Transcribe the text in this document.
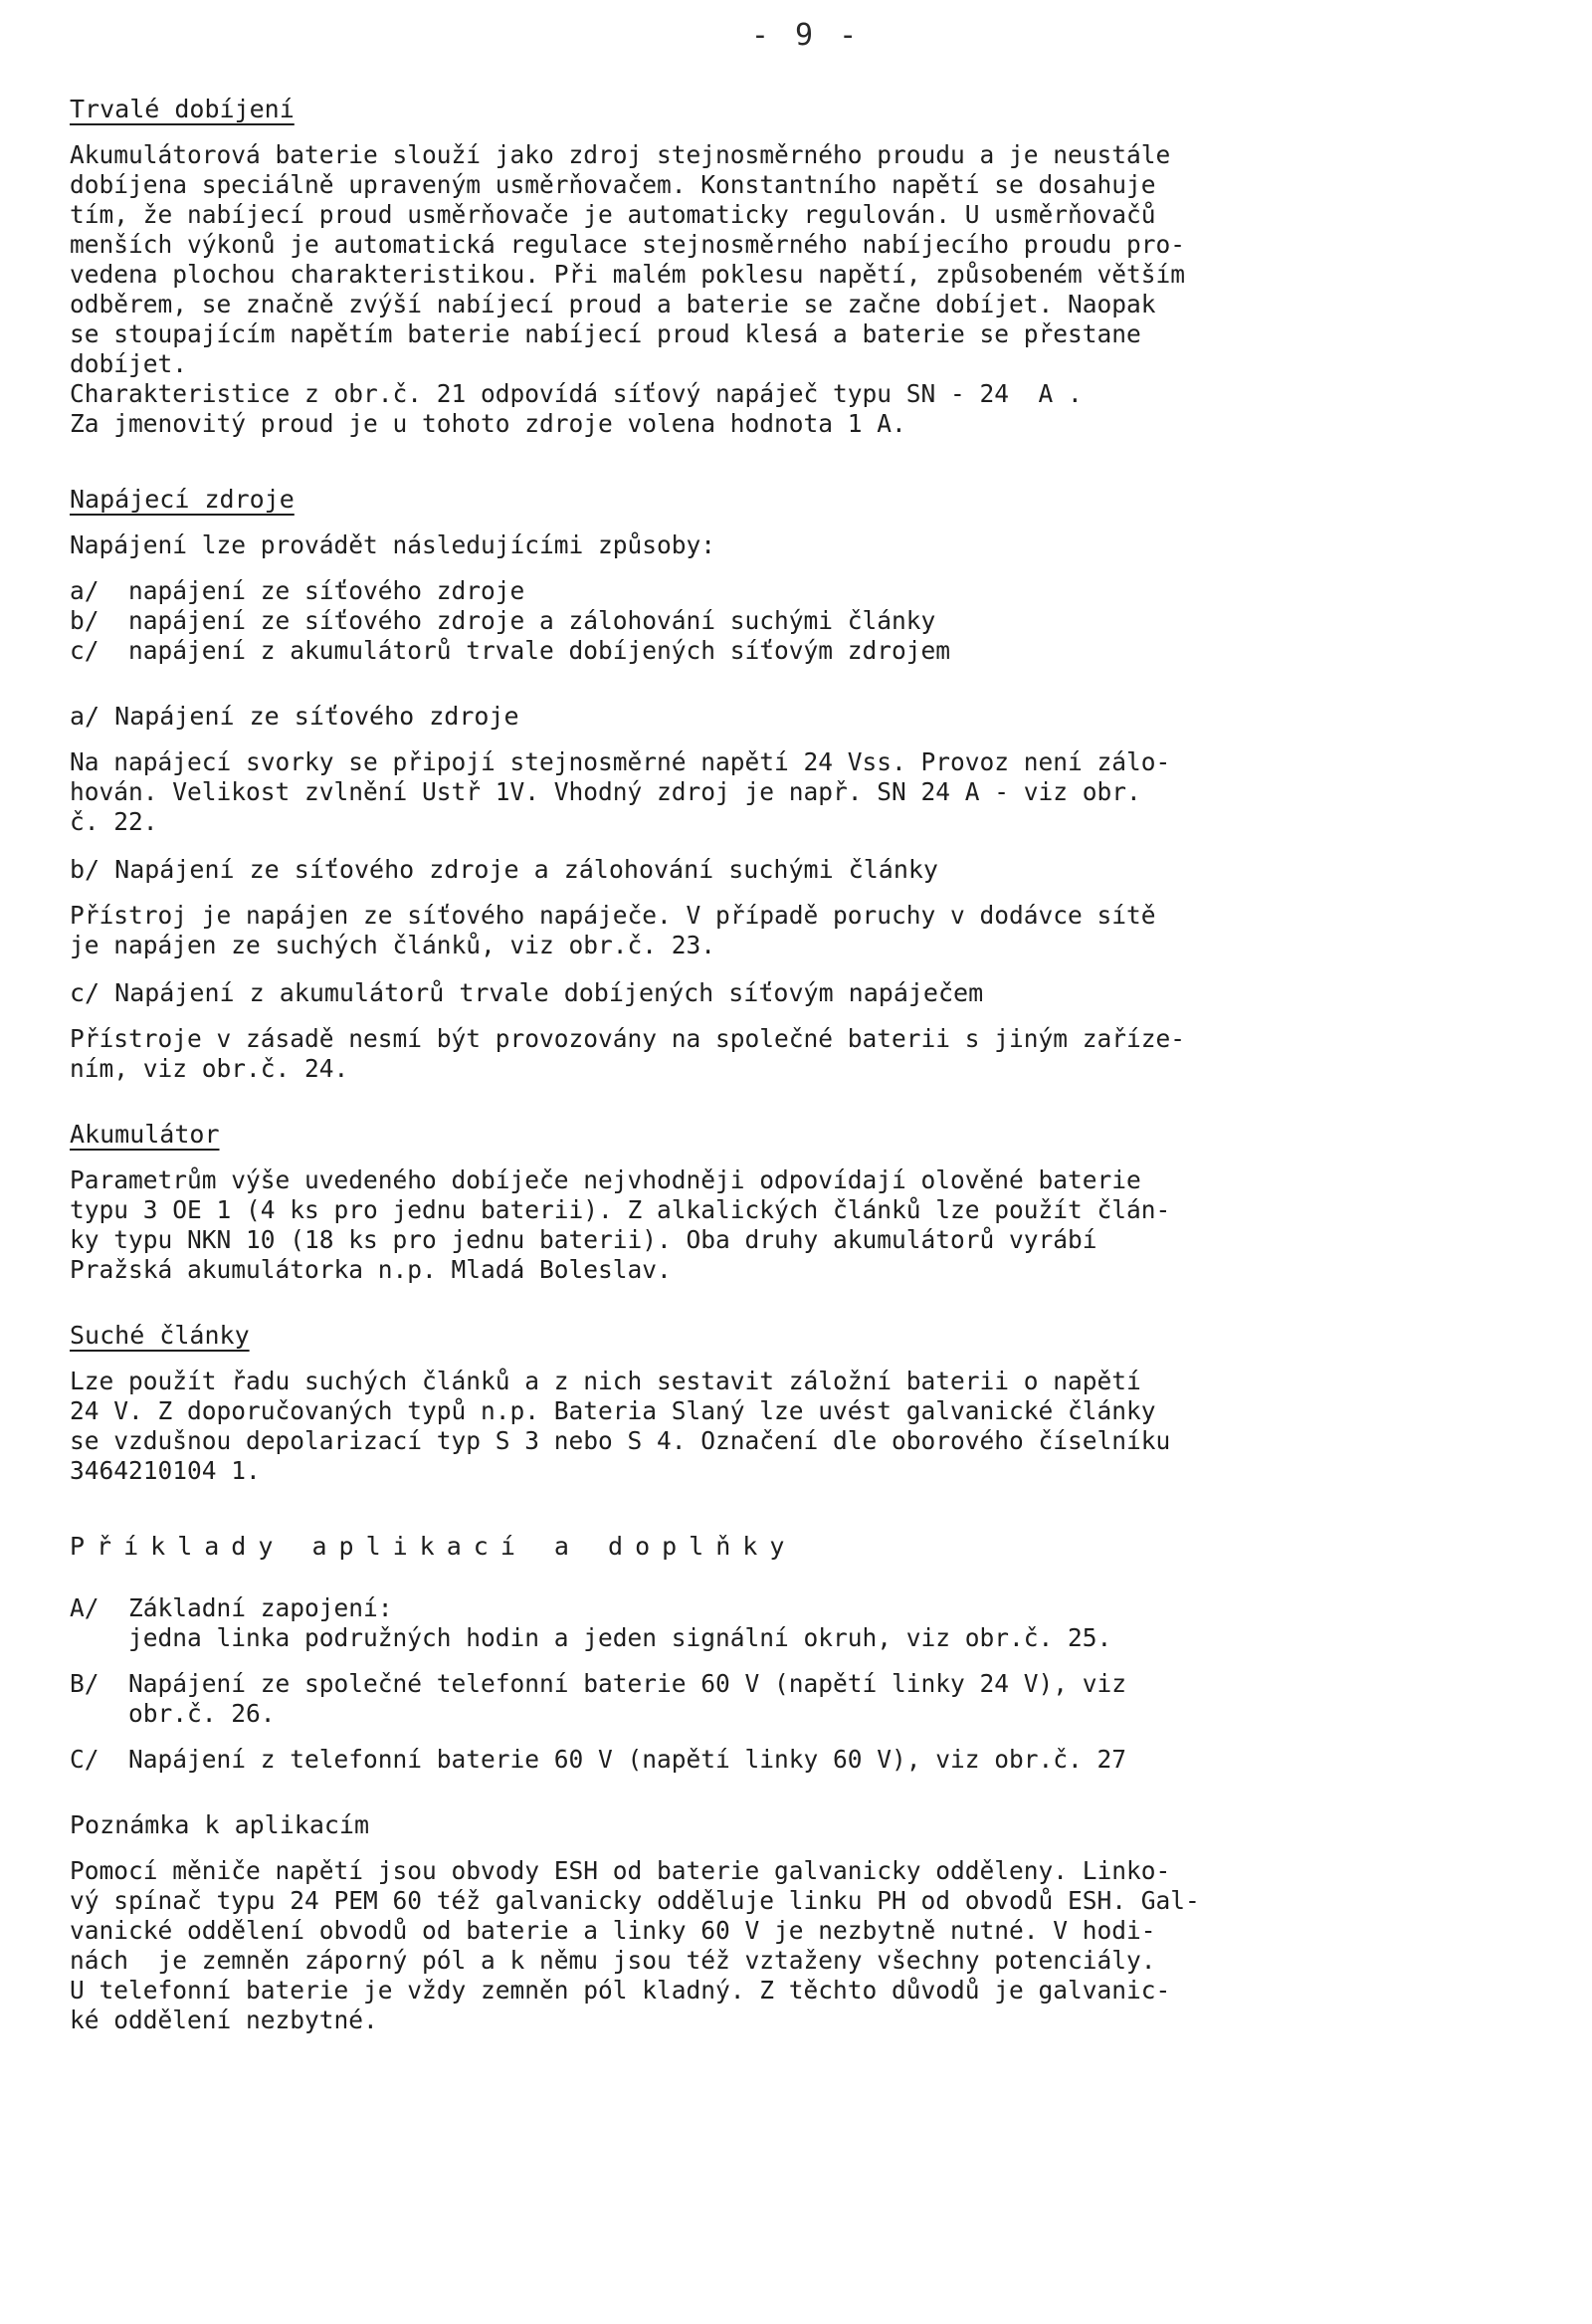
- 9 -
Trvalé dobíjení

Akumulátorová baterie slouží jako zdroj stejnosměrného proudu a je neustále

dobíjena speciálně upraveným usměrňovačem. Konstantního napětí se dosahuje

tím, že nabíjecí proud usměrňovače je automaticky regulován. U usměrňovačů

menších výkonů je automatická regulace stejnosměrného nabíjecího proudu pro-

vedena plochou charakteristikou. Při malém poklesu napětí, způsobeném větším

odběrem, se značně zvýší nabíjecí proud a baterie se začne dobíjet. Naopak

se stoupajícím napětím baterie nabíjecí proud klesá a baterie se přestane

dobíjet.

Charakteristice z obr.č. 21 odpovídá síťový napáječ typu SN - 24  A .

Za jmenovitý proud je u tohoto zdroje volena hodnota 1 A.

Napájecí zdroje

Napájení lze provádět následujícími způsoby:

a/  napájení ze síťového zdroje

b/  napájení ze síťového zdroje a zálohování suchými články

c/  napájení z akumulátorů trvale dobíjených síťovým zdrojem

a/ Napájení ze síťového zdroje

Na napájecí svorky se připojí stejnosměrné napětí 24 Vss. Provoz není zálo-

hován. Velikost zvlnění Ustř 1V. Vhodný zdroj je např. SN 24 A - viz obr.

č. 22.

b/ Napájení ze síťového zdroje a zálohování suchými články

Přístroj je napájen ze síťového napáječe. V případě poruchy v dodávce sítě

je napájen ze suchých článků, viz obr.č. 23.

c/ Napájení z akumulátorů trvale dobíjených síťovým napáječem

Přístroje v zásadě nesmí být provozovány na společné baterii s jiným zaříze-

ním, viz obr.č. 24.

Akumulátor

Parametrům výše uvedeného dobíječe nejvhodněji odpovídají olověné baterie

typu 3 OE 1 (4 ks pro jednu baterii). Z alkalických článků lze použít člán-

ky typu NKN 10 (18 ks pro jednu baterii). Oba druhy akumulátorů vyrábí

Pražská akumulátorka n.p. Mladá Boleslav.

Suché články

Lze použít řadu suchých článků a z nich sestavit záložní baterii o napětí

24 V. Z doporučovaných typů n.p. Bateria Slaný lze uvést galvanické články

se vzdušnou depolarizací typ S 3 nebo S 4. Označení dle oborového číselníku

3464210104 1.

Příklady aplikací a doplňky

A/  Základní zapojení:

jedna linka podružných hodin a jeden signální okruh, viz obr.č. 25.

B/  Napájení ze společné telefonní baterie 60 V (napětí linky 24 V), viz

obr.č. 26.

C/  Napájení z telefonní baterie 60 V (napětí linky 60 V), viz obr.č. 27

Poznámka k aplikacím

Pomocí měniče napětí jsou obvody ESH od baterie galvanicky odděleny. Linko-

vý spínač typu 24 PEM 60 též galvanicky odděluje linku PH od obvodů ESH. Gal-

vanické oddělení obvodů od baterie a linky 60 V je nezbytně nutné. V hodi-

nách  je zemněn záporný pól a k němu jsou též vztaženy všechny potenciály.

U telefonní baterie je vždy zemněn pól kladný. Z těchto důvodů je galvanic-

ké oddělení nezbytné.
